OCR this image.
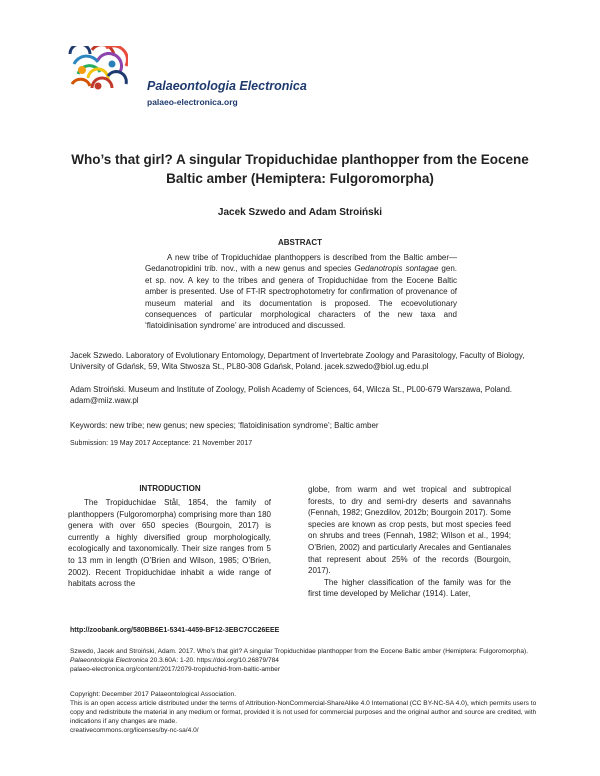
Palaeontologia Electronica
palaeo-electronica.org
Who’s that girl? A singular Tropiduchidae planthopper from the Eocene Baltic amber (Hemiptera: Fulgoromorpha)
Jacek Szwedo and Adam Stroiński
ABSTRACT
A new tribe of Tropiduchidae planthoppers is described from the Baltic amber—Gedanotropidini trib. nov., with a new genus and species Gedanotropis sontagae gen. et sp. nov. A key to the tribes and genera of Tropiduchidae from the Eocene Baltic amber is presented. Use of FT-IR spectrophotometry for confirmation of provenance of museum material and its documentation is proposed. The ecoevolutionary consequences of particular morphological characters of the new taxa and ‘flatoidinisation syndrome’ are introduced and discussed.
Jacek Szwedo. Laboratory of Evolutionary Entomology, Department of Invertebrate Zoology and Parasitology, Faculty of Biology, University of Gdańsk, 59, Wita Stwosza St., PL80-308 Gdańsk, Poland. jacek.szwedo@biol.ug.edu.pl
Adam Stroiński. Museum and Institute of Zoology, Polish Academy of Sciences, 64, Wilcza St., PL00-679 Warszawa, Poland. adam@miiz.waw.pl
Keywords: new tribe; new genus; new species; ‘flatoidinisation syndrome’; Baltic amber
Submission: 19 May 2017 Acceptance: 21 November 2017
INTRODUCTION
The Tropiduchidae Stål, 1854, the family of planthoppers (Fulgoromorpha) comprising more than 180 genera with over 650 species (Bourgoin, 2017) is currently a highly diversified group morphologically, ecologically and taxonomically. Their size ranges from 5 to 13 mm in length (O’Brien and Wilson, 1985; O’Brien, 2002). Recent Tropiduchidae inhabit a wide range of habitats across the

globe, from warm and wet tropical and subtropical forests, to dry and semi-dry deserts and savannahs (Fennah, 1982; Gnezdilov, 2012b; Bourgoin 2017). Some species are known as crop pests, but most species feed on shrubs and trees (Fennah, 1982; Wilson et al., 1994; O’Brien, 2002) and particularly Arecales and Gentianales that represent about 25% of the records (Bourgoin, 2017).

The higher classification of the family was for the first time developed by Melichar (1914). Later,

http://zoobank.org/580BB6E1-5341-4459-BF12-3EBC7CC26EEE
Szwedo, Jacek and Stroiński, Adam. 2017. Who’s that girl? A singular Tropiduchidae planthopper from the Eocene Baltic amber (Hemiptera: Fulgoromorpha). Palaeontologia Electronica 20.3.60A: 1-20. https://doi.org/10.26879/784
palaeo-electronica.org/content/2017/2079-tropiduchid-from-baltic-amber
Copyright: December 2017 Palaeontological Association.
This is an open access article distributed under the terms of Attribution-NonCommercial-ShareAlike 4.0 International (CC BY-NC-SA 4.0), which permits users to copy and redistribute the material in any medium or format, provided it is not used for commercial purposes and the original author and source are credited, with indications if any changes are made.
creativecommons.org/licenses/by-nc-sa/4.0/
